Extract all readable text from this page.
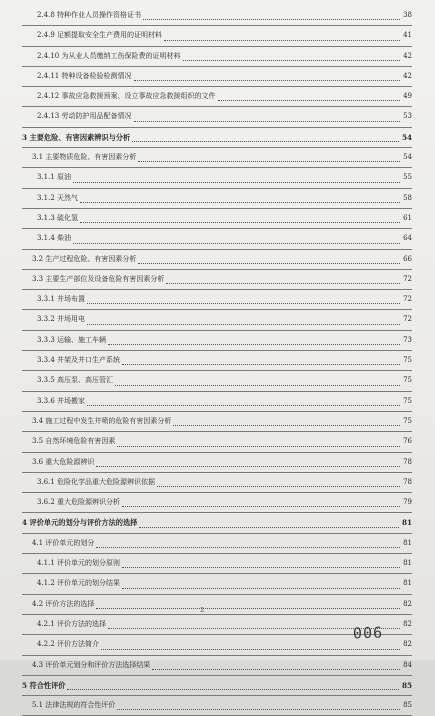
2.4.8 特种作业人员操作资格证书	38
2.4.9 足额提取安全生产费用的证明材料	41
2.4.10 为从业人员缴纳工伤保险费的证明材料	42
2.4.11 特种设备检验检测情况	42
2.4.12 事故应急救援预案、设立事故应急救援组织的文件	49
2.4.13 劳动防护用品配备情况	53
3 主要危险、有害因素辨识与分析	54
3.1 主要物质危险、有害因素分析	54
3.1.1 原油	55
3.1.2 天然气	58
3.1.3 硫化氢	61
3.1.4 柴油	64
3.2 生产过程危险、有害因素分析	66
3.3 主要生产部位及设备危险有害因素分析	72
3.3.1 井场布置	72
3.3.2 井场用电	72
3.3.3 运输、施工车辆	73
3.3.4 井架及井口生产系统	75
3.3.5 高压泵、高压管汇	75
3.3.6 井场搬家	75
3.4 施工过程中发生井喷的危险有害因素分析	75
3.5 自然环境危险有害因素	76
3.6 重大危险源辨识	78
3.6.1 危险化学品重大危险源辨识依据	78
3.6.2 重大危险源辨识分析	79
4 评价单元的划分与评价方法的选择	81
4.1 评价单元的划分	81
4.1.1 评价单元的划分原则	81
4.1.2 评价单元的划分结果	81
4.2 评价方法的选择	82
4.2.1 评价方法的选择	82
4.2.2 评价方法简介	82
4.3 评价单元划分和评价方法选择结果	84
5 符合性评价	85
5.1 法律法规的符合性评价	85
2
006
